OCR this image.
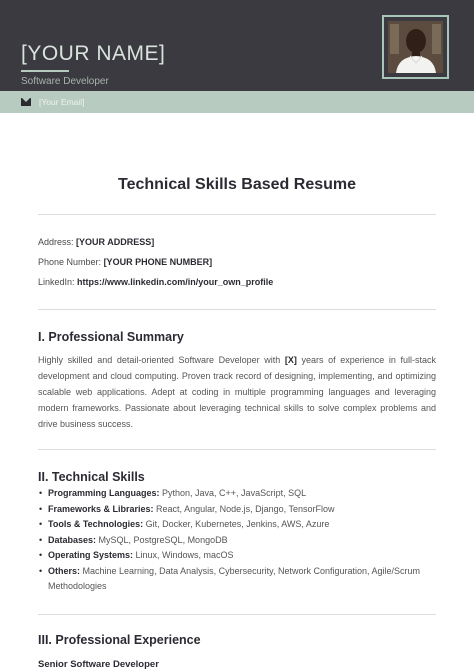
[YOUR NAME]
Software Developer
[Your Email]
Technical Skills Based Resume
Address: [YOUR ADDRESS]
Phone Number: [YOUR PHONE NUMBER]
LinkedIn: https://www.linkedin.com/in/your_own_profile
I. Professional Summary
Highly skilled and detail-oriented Software Developer with [X] years of experience in full-stack development and cloud computing. Proven track record of designing, implementing, and optimizing scalable web applications. Adept at coding in multiple programming languages and leveraging modern frameworks. Passionate about leveraging technical skills to solve complex problems and drive business success.
II. Technical Skills
• Programming Languages: Python, Java, C++, JavaScript, SQL
• Frameworks & Libraries: React, Angular, Node.js, Django, TensorFlow
• Tools & Technologies: Git, Docker, Kubernetes, Jenkins, AWS, Azure
• Databases: MySQL, PostgreSQL, MongoDB
• Operating Systems: Linux, Windows, macOS
• Others: Machine Learning, Data Analysis, Cybersecurity, Network Configuration, Agile/Scrum Methodologies
III. Professional Experience
Senior Software Developer
